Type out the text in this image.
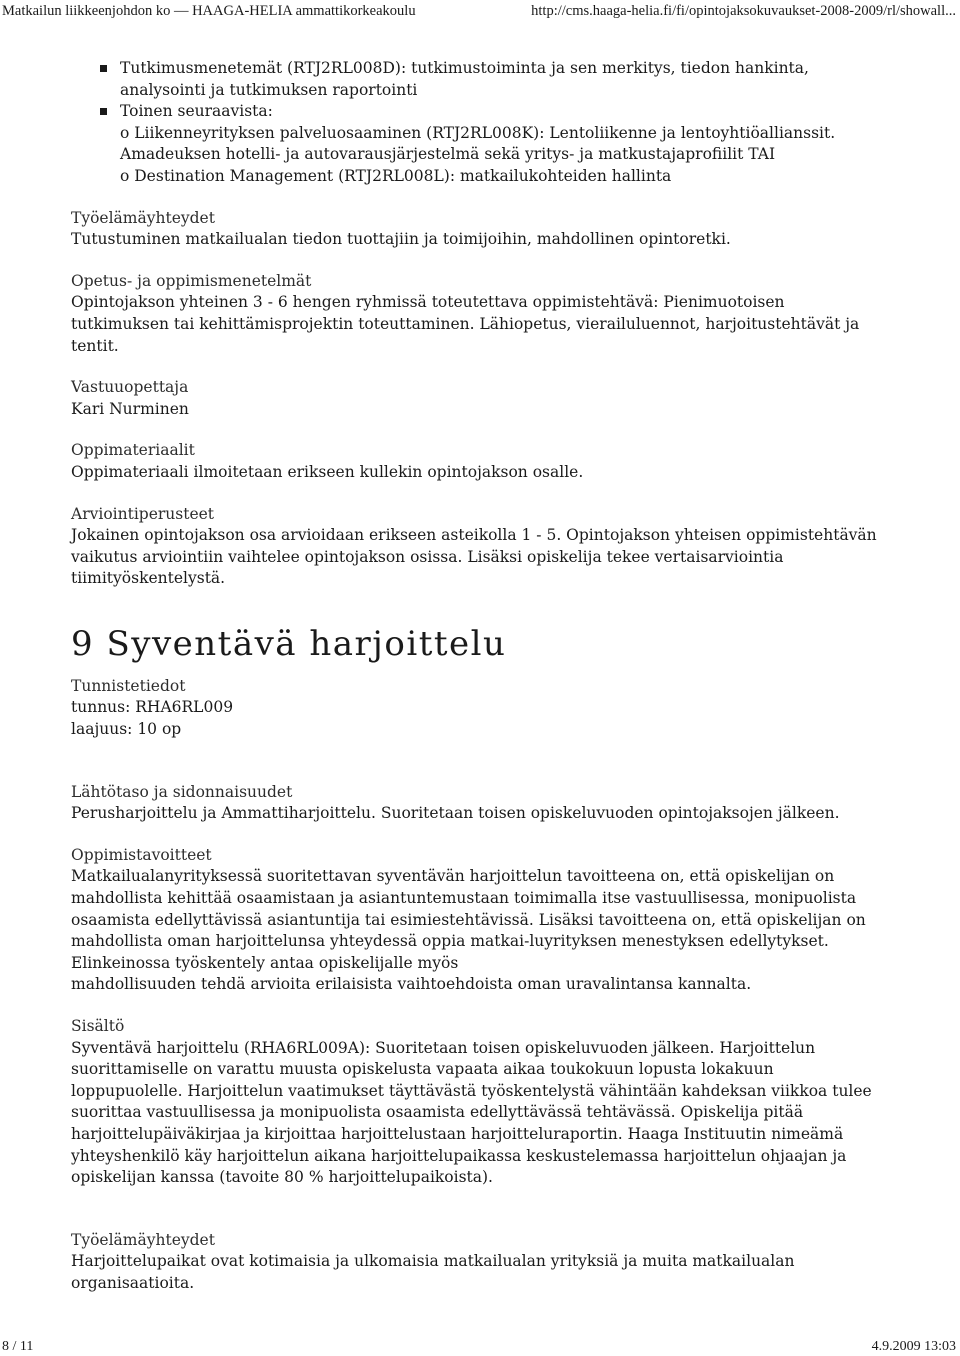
Matkailun liikkeenjohdon ko — HAAGA-HELIA ammattikorkeakoulu	http://cms.haaga-helia.fi/fi/opintojaksokuvaukset-2008-2009/rl/showall...
Tutkimusmenetemät (RTJ2RL008D): tutkimustoiminta ja sen merkitys, tiedon hankinta,
analysointi ja tutkimuksen raportointi
Toinen seuraavista:
o Liikenneyrityksen palveluosaaminen (RTJ2RL008K): Lentoliikenne ja lentoyhtiöallianssit.
Amadeuksen hotelli- ja autovarausjärjestelmä sekä yritys- ja matkustajaprofiilit TAI
o Destination Management (RTJ2RL008L): matkailukohteiden hallinta
Työelämäyhteydet
Tutustuminen matkailualan tiedon tuottajiin ja toimijoihin, mahdollinen opintoretki.
Opetus- ja oppimismenetelmät
Opintojakson yhteinen 3 - 6 hengen ryhmissä toteutettava oppimistehtävä: Pienimuotoisen
tutkimuksen tai kehittämisprojektin toteuttaminen. Lähiopetus, vierailuluennot, harjoitustehtävät ja
tentit.
Vastuuopettaja
Kari Nurminen
Oppimateriaalit
Oppimateriaali ilmoitetaan erikseen kullekin opintojakson osalle.
Arviointiperusteet
Jokainen opintojakson osa arvioidaan erikseen asteikolla 1 - 5. Opintojakson yhteisen oppimistehtävän
vaikutus arviointiin vaihtelee opintojakson osissa. Lisäksi opiskelija tekee vertaisarviointia
tiimityöskentelystä.
9 Syventävä harjoittelu
Tunnistetiedot
tunnus: RHA6RL009
laajuus: 10 op
Lähtötaso ja sidonnaisuudet
Perusharjoittelu ja Ammattiharjoittelu. Suoritetaan toisen opiskeluvuoden opintojaksojen jälkeen.
Oppimistavoitteet
Matkailualanyrityksessä suoritettavan syventävän harjoittelun tavoitteena on, että opiskelijan on
mahdollista kehittää osaamistaan ja asiantuntemustaan toimimalla itse vastuullisessa, monipuolista
osaamista edellyttävissä asiantuntija tai esimiestehtävissä. Lisäksi tavoitteena on, että opiskelijan on
mahdollista oman harjoittelunsa yhteydessä oppia matkai-luyrityksen menestyksen edellytykset.
Elinkeinossa työskentely antaa opiskelijalle myös
mahdollisuuden tehdä arvioita erilaisista vaihtoehdoista oman uravalintansa kannalta.
Sisältö
Syventävä harjoittelu (RHA6RL009A): Suoritetaan toisen opiskeluvuoden jälkeen. Harjoittelun
suorittamiselle on varattu muusta opiskelusta vapaata aikaa toukokuun lopusta lokakuun
loppupuolelle. Harjoittelun vaatimukset täyttävästä työskentelystä vähintään kahdeksan viikkoa tulee
suorittaa vastuullisessa ja monipuolista osaamista edellyttävässä tehtävässä. Opiskelija pitää
harjoittelupäiväkirjaa ja kirjoittaa harjoittelustaan harjoitteluraportin. Haaga Instituutin nimeämä
yhteyshenkilö käy harjoittelun aikana harjoittelupaikassa keskustelemassa harjoittelun ohjaajan ja
opiskelijan kanssa (tavoite 80 % harjoittelupaikoista).
Työelämäyhteydet
Harjoittelupaikat ovat kotimaisia ja ulkomaisia matkailualan yrityksiä ja muita matkailualan
organisaatioita.
8 / 11	4.9.2009 13:03
